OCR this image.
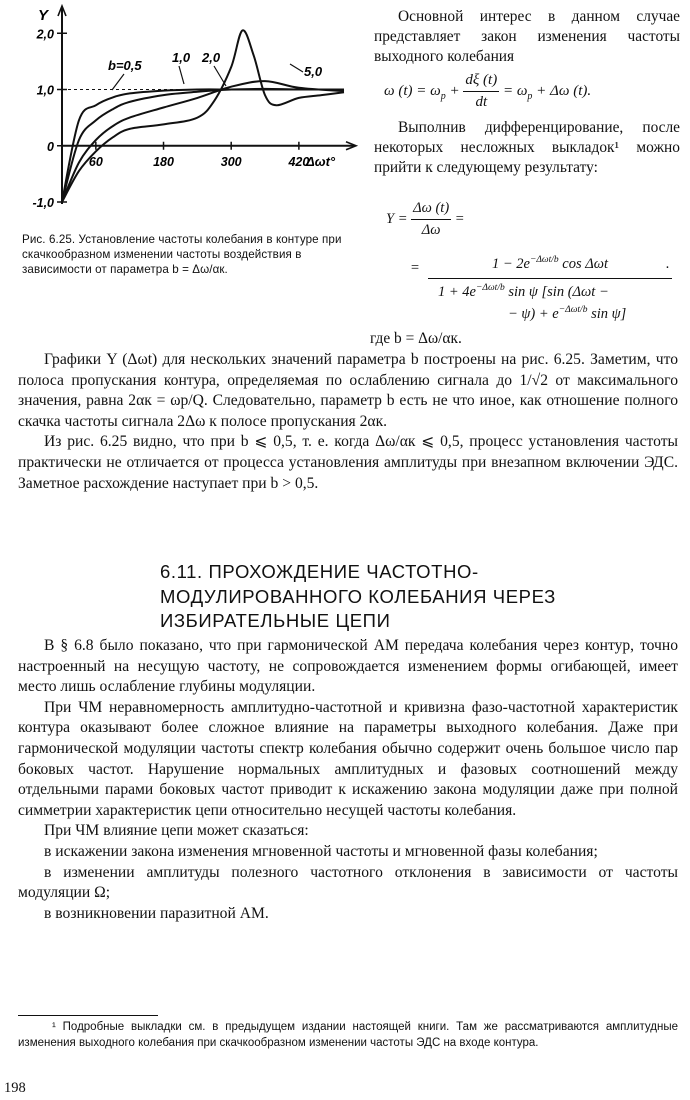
-1,0
0
1,0
2,0
60	180	300	420
Y
Δωt°
b=0,5
1,0 2,0
5,0
Рис. 6.25. Установление частоты колебания в контуре при скачкообразном изменении частоты воздействия в зависимости от параметра b = Δω/αк.
Основной интерес в данном случае представляет закон изменения частоты выходного колебания
ω $(t) = \omega_р + \frac{d\xi (t)}{dt} = \omega_р + \Delta\omega$ (t).
Выполнив дифференцирование, после некоторых несложных выкладок¹ можно прийти к следующему результату:
$Y = \frac{\Delta\omega (t)}{\Delta\omega}$ =
=	$1 - 2e^{-\Delta\omega t/b}$ cos Δωt	.
$1 + 4e^{-\Delta\omega t/b}$ sin ψ [sin (Δωt −
− $\psi) + e^{-\Delta\omega t/b}$ sin ψ]
где b = Δω/αк.

Графики Y (Δωt) для нескольких значений параметра b построены на рис. 6.25. Заметим, что полоса пропускания контура, определяемая по ослаблению сигнала до 1/√2 от максимального значения, равна 2αк = ωр/Q. Следовательно, параметр b есть не что иное, как отношение полного скачка частоты сигнала 2Δω к полосе пропускания 2αк.

Из рис. 6.25 видно, что при b ⩽ 0,5, т. е. когда Δω/αк ⩽ 0,5, процесс установления частоты практически не отличается от процесса установления амплитуды при внезапном включении ЭДС. Заметное расхождение наступает при b > 0,5.

6.11. ПРОХОЖДЕНИЕ ЧАСТОТНО-
МОДУЛИРОВАННОГО КОЛЕБАНИЯ ЧЕРЕЗ
ИЗБИРАТЕЛЬНЫЕ ЦЕПИ

В § 6.8 было показано, что при гармонической АМ передача колебания через контур, точно настроенный на несущую частоту, не сопровождается изменением формы огибающей, имеет место лишь ослабление глубины модуляции.

При ЧМ неравномерность амплитудно-частотной и кривизна фазо-частотной характеристик контура оказывают более сложное влияние на параметры выходного колебания. Даже при гармонической модуляции частоты спектр колебания обычно содержит очень большое число пар боковых частот. Нарушение нормальных амплитудных и фазовых соотношений между отдельными парами боковых частот приводит к искажению закона модуляции даже при полной симметрии характеристик цепи относительно несущей частоты колебания.

При ЧМ влияние цепи может сказаться:

в искажении закона изменения мгновенной частоты и мгновенной фазы колебания;

в изменении амплитуды полезного частотного отклонения в зависимости от частоты модуляции Ω;

в возникновении паразитной АМ.

¹ Подробные выкладки см. в предыдущем издании настоящей книги. Там же рассматриваются амплитудные изменения выходного колебания при скачкообразном изменении частоты ЭДС на входе контура.

198
